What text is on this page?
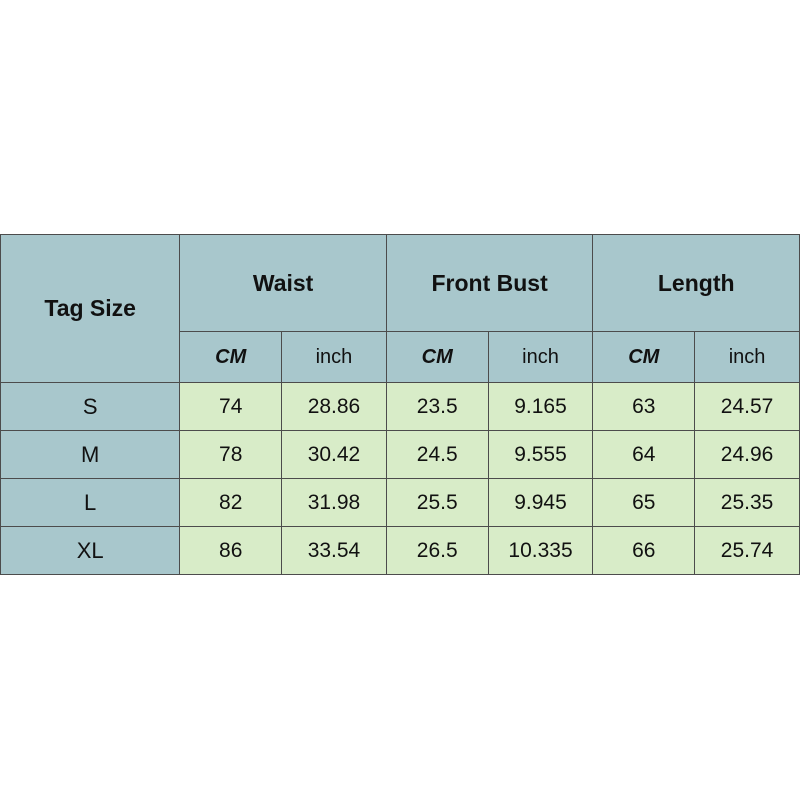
Tag Size	Waist		Front Bust		Length	
	CM	inch	CM	inch	CM	inch
S	74	28.86	23.5	9.165	63	24.57
M	78	30.42	24.5	9.555	64	24.96
L	82	31.98	25.5	9.945	65	25.35
XL	86	33.54	26.5	10.335	66	25.74
